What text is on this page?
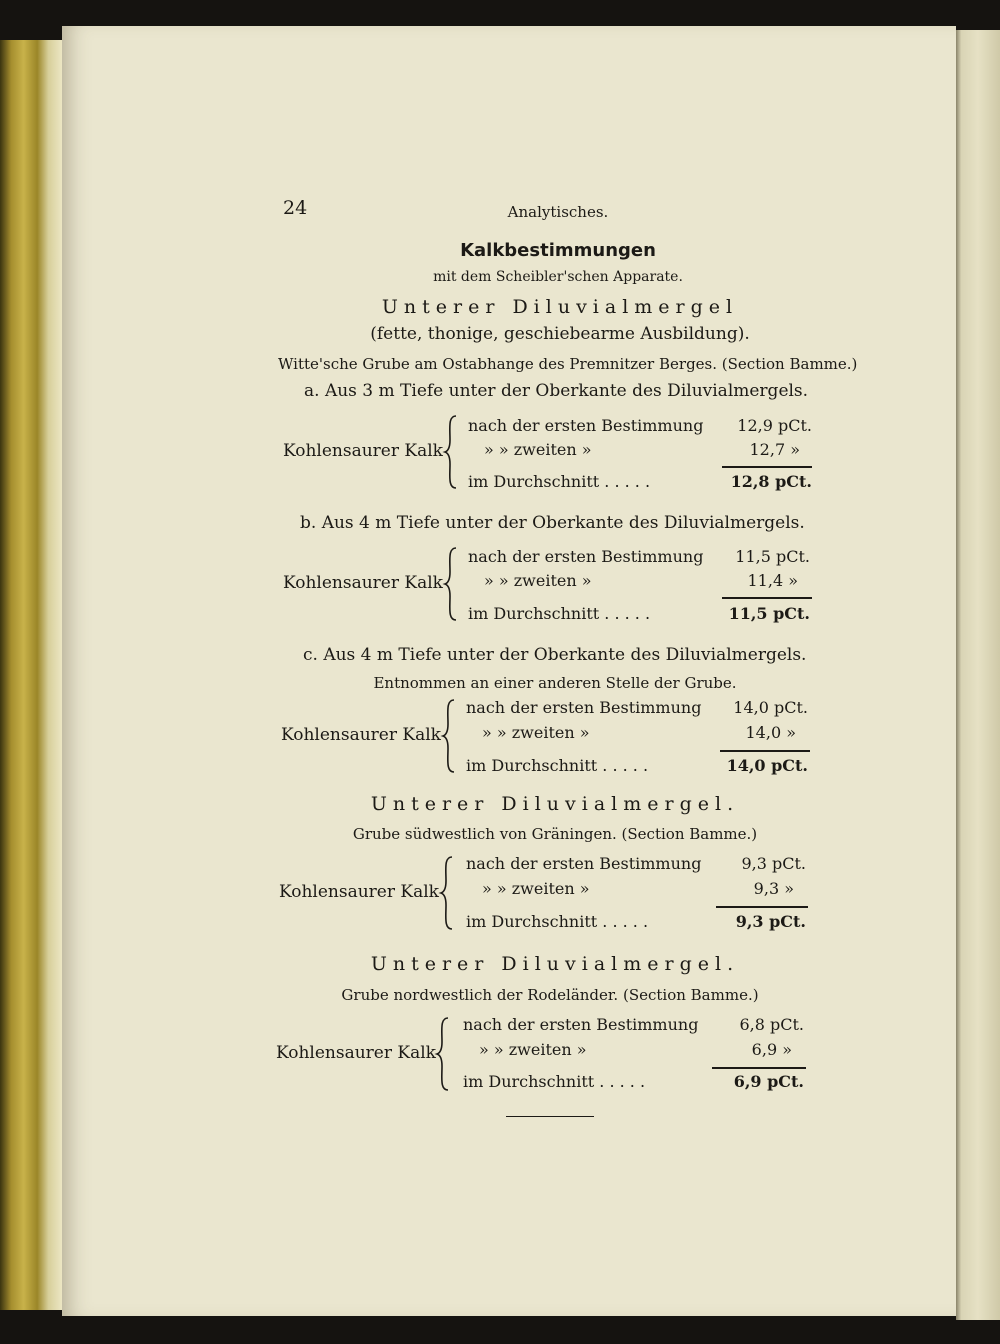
24	Analytisches.
Kalkbestimmungen
mit dem Scheibler'schen Apparate.
Unterer Diluvialmergel
(fette, thonige, geschiebearme Ausbildung).
Witte'sche Grube am Ostabhange des Premnitzer Berges. (Section Bamme.)
a. Aus 3 m Tiefe unter der Oberkante des Diluvialmergels.
Kohlensaurer Kalk
nach der ersten Bestimmung	12,9 pCt.
» » zweiten »	12,7 »
im Durchschnitt . . . . .	12,8 pCt.
b. Aus 4 m Tiefe unter der Oberkante des Diluvialmergels.
Kohlensaurer Kalk
nach der ersten Bestimmung	11,5 pCt.
» » zweiten »	11,4 »
im Durchschnitt . . . . .	11,5 pCt.
c. Aus 4 m Tiefe unter der Oberkante des Diluvialmergels.
Entnommen an einer anderen Stelle der Grube.
Kohlensaurer Kalk
nach der ersten Bestimmung	14,0 pCt.
» » zweiten »	14,0 »
im Durchschnitt . . . . .	14,0 pCt.
Unterer Diluvialmergel.
Grube südwestlich von Gräningen. (Section Bamme.)
Kohlensaurer Kalk
nach der ersten Bestimmung	9,3 pCt.
» » zweiten »	9,3 »
im Durchschnitt . . . . .	9,3 pCt.
Unterer Diluvialmergel.
Grube nordwestlich der Rodeländer. (Section Bamme.)
Kohlensaurer Kalk
nach der ersten Bestimmung	6,8 pCt.
» » zweiten »	6,9 »
im Durchschnitt . . . . .	6,9 pCt.
